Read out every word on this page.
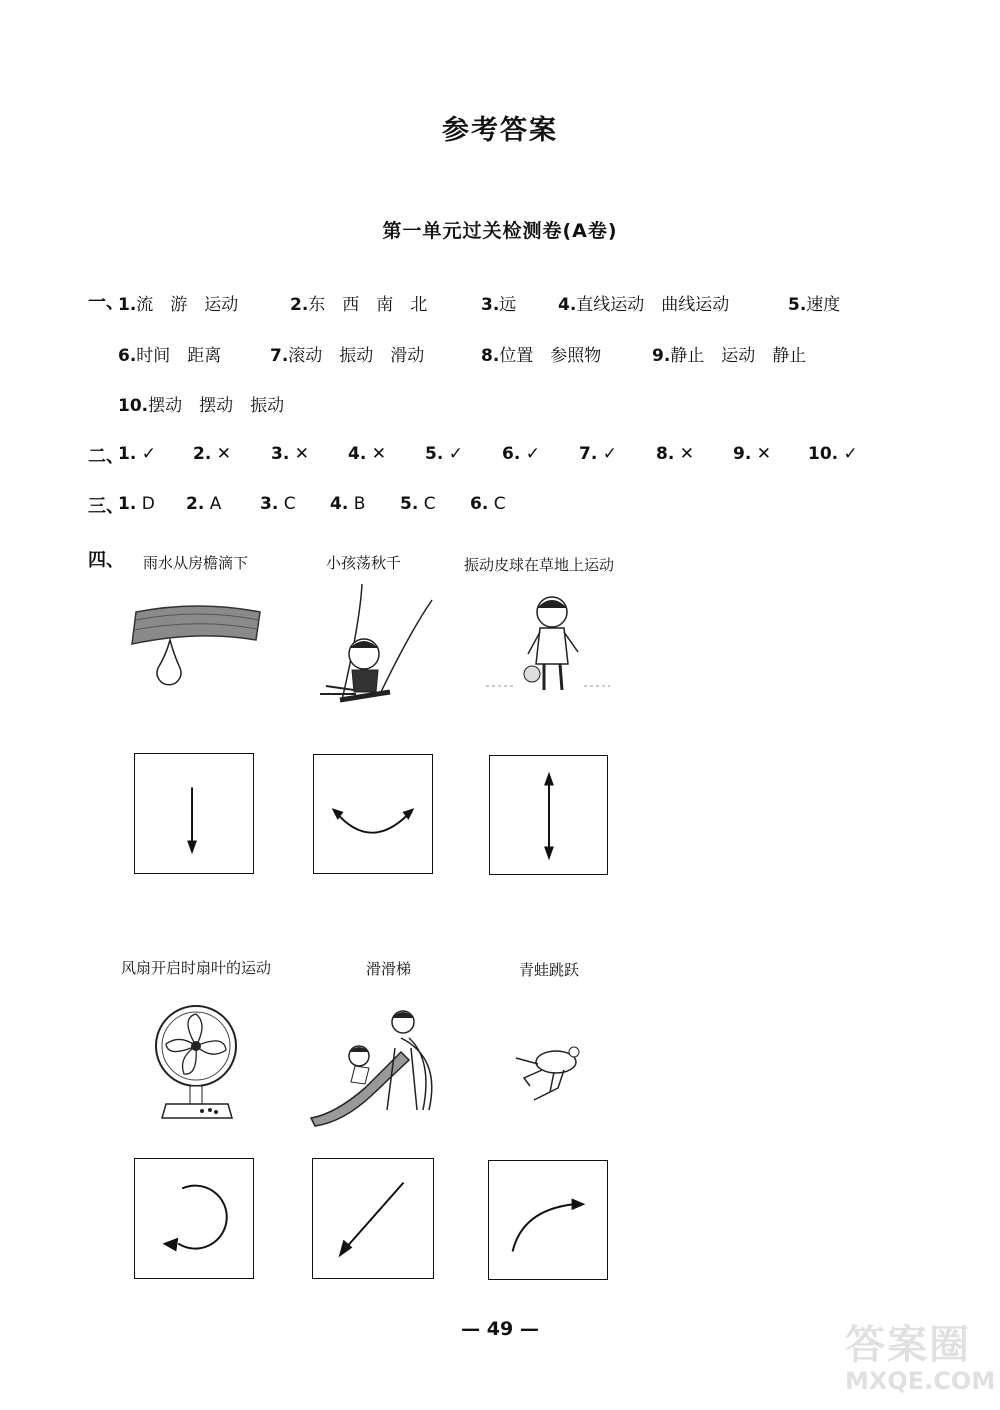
参考答案
第一单元过关检测卷(A卷)
一、
1.流　游　运动	2.东　西　南　北	3.远 4.直线运动　曲线运动	5.速度
6.时间　距离	7.滚动　振动　滑动	8.位置　参照物	9.静止　运动　静止
10.摆动　摆动　振动
二、
1. ✓ 2. ✕ 3. ✕ 4. ✕ 5. ✓ 6. ✓ 7. ✓ 8. ✕ 9. ✕ 10. ✓
三、
1. D 2. A 3. C 4. B 5. C 6. C
四、 雨水从房檐滴下	小孩荡秋千	振动皮球在草地上运动
风扇开启时扇叶的运动	滑滑梯	青蛙跳跃
— 49 —	答案圈
MXQE.COM
